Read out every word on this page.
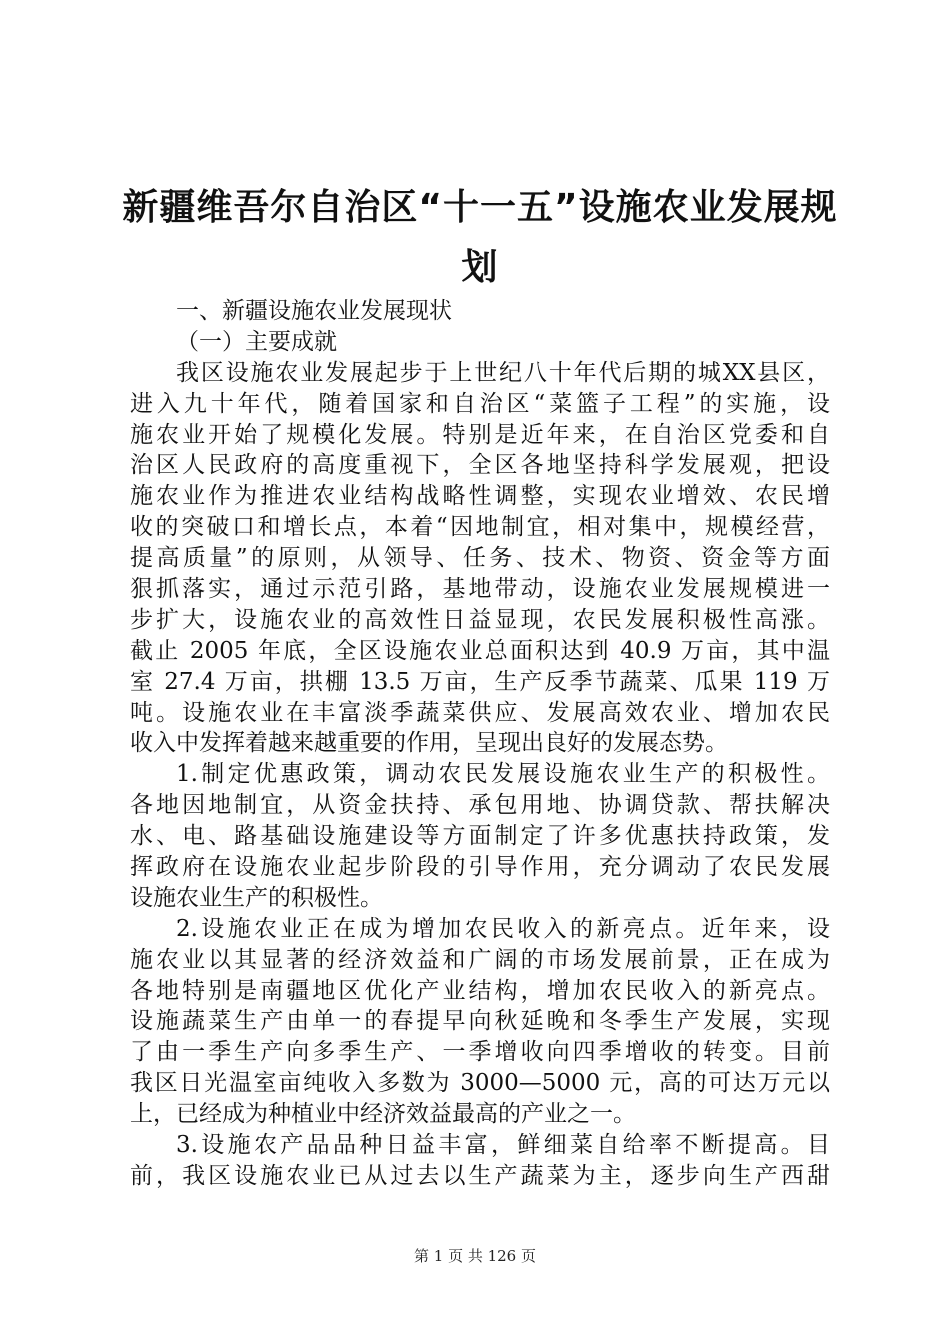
新疆维吾尔自治区“十一五”设施农业发展规
划
一、新疆设施农业发展现状
（一）主要成就
我区设施农业发展起步于上世纪八十年代后期的城XX县区，
进入九十年代，随着国家和自治区“菜篮子工程”的实施，设
施农业开始了规模化发展。特别是近年来，在自治区党委和自
治区人民政府的高度重视下，全区各地坚持科学发展观，把设
施农业作为推进农业结构战略性调整，实现农业增效、农民增
收的突破口和增长点，本着“因地制宜，相对集中，规模经营，
提高质量”的原则，从领导、任务、技术、物资、资金等方面
狠抓落实，通过示范引路，基地带动，设施农业发展规模进一
步扩大，设施农业的高效性日益显现，农民发展积极性高涨。
截止 2005 年底，全区设施农业总面积达到 40.9 万亩，其中温
室 27.4 万亩，拱棚 13.5 万亩，生产反季节蔬菜、瓜果 119 万
吨。设施农业在丰富淡季蔬菜供应、发展高效农业、增加农民
收入中发挥着越来越重要的作用，呈现出良好的发展态势。
1.制定优惠政策，调动农民发展设施农业生产的积极性。
各地因地制宜，从资金扶持、承包用地、协调贷款、帮扶解决
水、电、路基础设施建设等方面制定了许多优惠扶持政策，发
挥政府在设施农业起步阶段的引导作用，充分调动了农民发展
设施农业生产的积极性。
2.设施农业正在成为增加农民收入的新亮点。近年来，设
施农业以其显著的经济效益和广阔的市场发展前景，正在成为
各地特别是南疆地区优化产业结构，增加农民收入的新亮点。
设施蔬菜生产由单一的春提早向秋延晚和冬季生产发展，实现
了由一季生产向多季生产、一季增收向四季增收的转变。目前
我区日光温室亩纯收入多数为 3000—5000 元，高的可达万元以
上，已经成为种植业中经济效益最高的产业之一。
3.设施农产品品种日益丰富，鲜细菜自给率不断提高。目
前，我区设施农业已从过去以生产蔬菜为主，逐步向生产西甜
第 1 页 共 126 页
